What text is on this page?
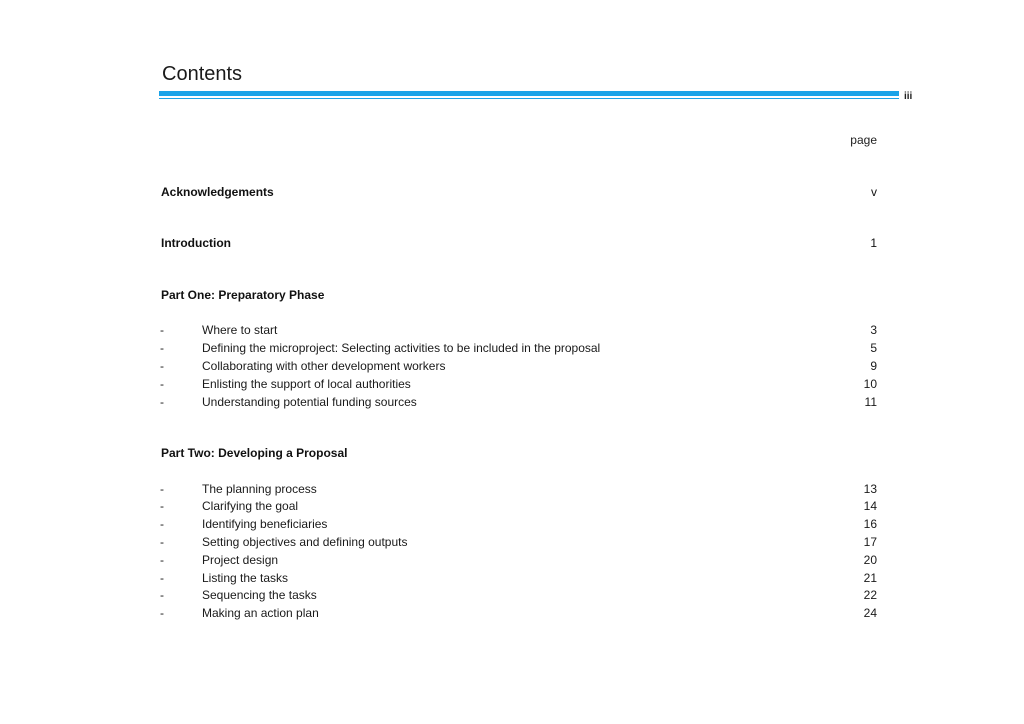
Contents
iii
page
Acknowledgements	v
Introduction	1
Part One: Preparatory Phase
-	Where to start	3
-	Defining the microproject: Selecting activities to be included in the proposal	5
-	Collaborating with other development workers	9
-	Enlisting the support of local authorities	10
-	Understanding potential funding sources	11
Part Two: Developing a Proposal
-	The planning process	13
-	Clarifying the goal	14
-	Identifying beneficiaries	16
-	Setting objectives and defining outputs	17
-	Project design	20
-	Listing the tasks	21
-	Sequencing the tasks	22
-	Making an action plan	24
